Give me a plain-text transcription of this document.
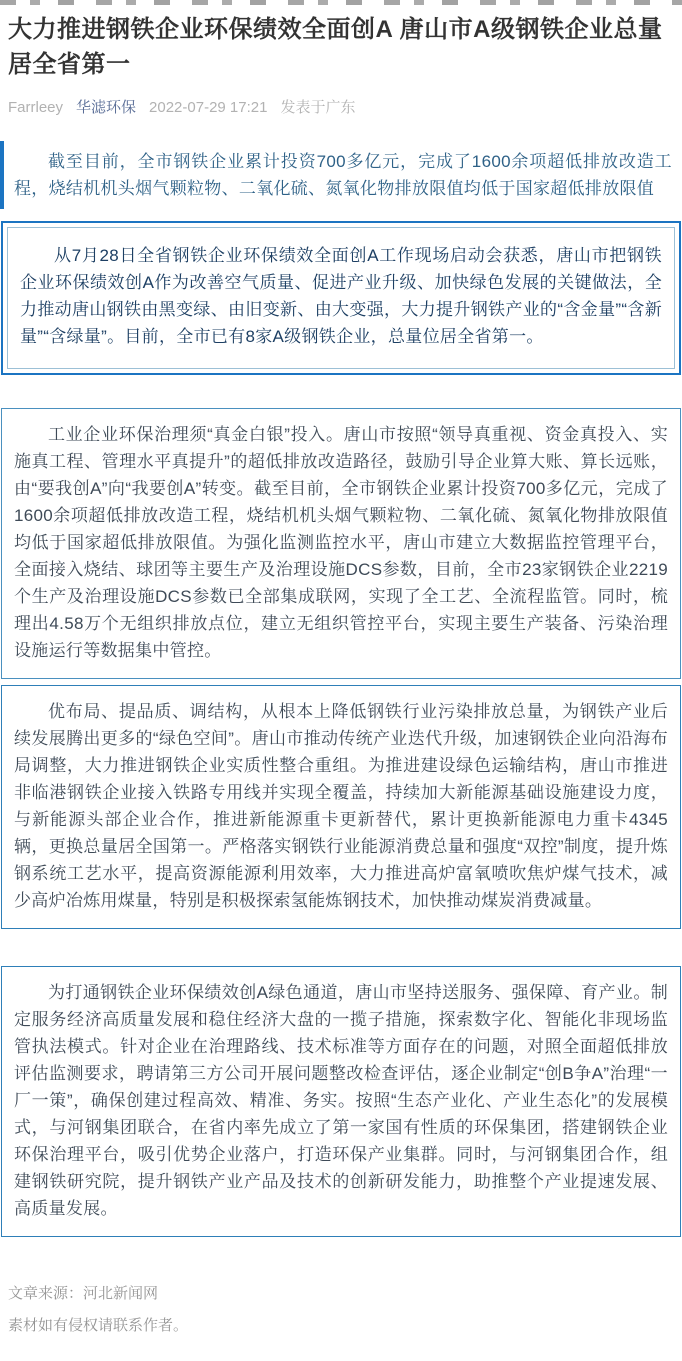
大力推进钢铁企业环保绩效全面创A 唐山市A级钢铁企业总量居全省第一
Farrleey 华滤环保 2022-07-29 17:21 发表于广东

截至目前，全市钢铁企业累计投资700多亿元，完成了1600余项超低排放改造工程，烧结机机头烟气颗粒物、二氧化硫、氮氧化物排放限值均低于国家超低排放限值

从7月28日全省钢铁企业环保绩效全面创A工作现场启动会获悉，唐山市把钢铁企业环保绩效创A作为改善空气质量、促进产业升级、加快绿色发展的关键做法，全力推动唐山钢铁由黑变绿、由旧变新、由大变强，大力提升钢铁产业的“含金量”“含新量”“含绿量”。目前，全市已有8家A级钢铁企业，总量位居全省第一。

工业企业环保治理须“真金白银”投入。唐山市按照“领导真重视、资金真投入、实施真工程、管理水平真提升”的超低排放改造路径，鼓励引导企业算大账、算长远账，由“要我创A”向“我要创A”转变。截至目前，全市钢铁企业累计投资700多亿元，完成了1600余项超低排放改造工程，烧结机机头烟气颗粒物、二氧化硫、氮氧化物排放限值均低于国家超低排放限值。为强化监测监控水平，唐山市建立大数据监控管理平台，全面接入烧结、球团等主要生产及治理设施DCS参数，目前，全市23家钢铁企业2219个生产及治理设施DCS参数已全部集成联网，实现了全工艺、全流程监管。同时，梳理出4.58万个无组织排放点位，建立无组织管控平台，实现主要生产装备、污染治理设施运行等数据集中管控。

优布局、提品质、调结构，从根本上降低钢铁行业污染排放总量，为钢铁产业后续发展腾出更多的“绿色空间”。唐山市推动传统产业迭代升级，加速钢铁企业向沿海布局调整，大力推进钢铁企业实质性整合重组。为推进建设绿色运输结构，唐山市推进非临港钢铁企业接入铁路专用线并实现全覆盖，持续加大新能源基础设施建设力度，与新能源头部企业合作，推进新能源重卡更新替代，累计更换新能源电力重卡4345辆，更换总量居全国第一。严格落实钢铁行业能源消费总量和强度“双控”制度，提升炼钢系统工艺水平，提高资源能源利用效率，大力推进高炉富氧喷吹焦炉煤气技术，减少高炉冶炼用煤量，特别是积极探索氢能炼钢技术，加快推动煤炭消费减量。

为打通钢铁企业环保绩效创A绿色通道，唐山市坚持送服务、强保障、育产业。制定服务经济高质量发展和稳住经济大盘的一揽子措施，探索数字化、智能化非现场监管执法模式。针对企业在治理路线、技术标准等方面存在的问题，对照全面超低排放评估监测要求，聘请第三方公司开展问题整改检查评估，逐企业制定“创B争A”治理“一厂一策”，确保创建过程高效、精准、务实。按照“生态产业化、产业生态化”的发展模式，与河钢集团联合，在省内率先成立了第一家国有性质的环保集团，搭建钢铁企业环保治理平台，吸引优势企业落户，打造环保产业集群。同时，与河钢集团合作，组建钢铁研究院，提升钢铁产业产品及技术的创新研发能力，助推整个产业提速发展、高质量发展。

文章来源：河北新闻网

素材如有侵权请联系作者。
